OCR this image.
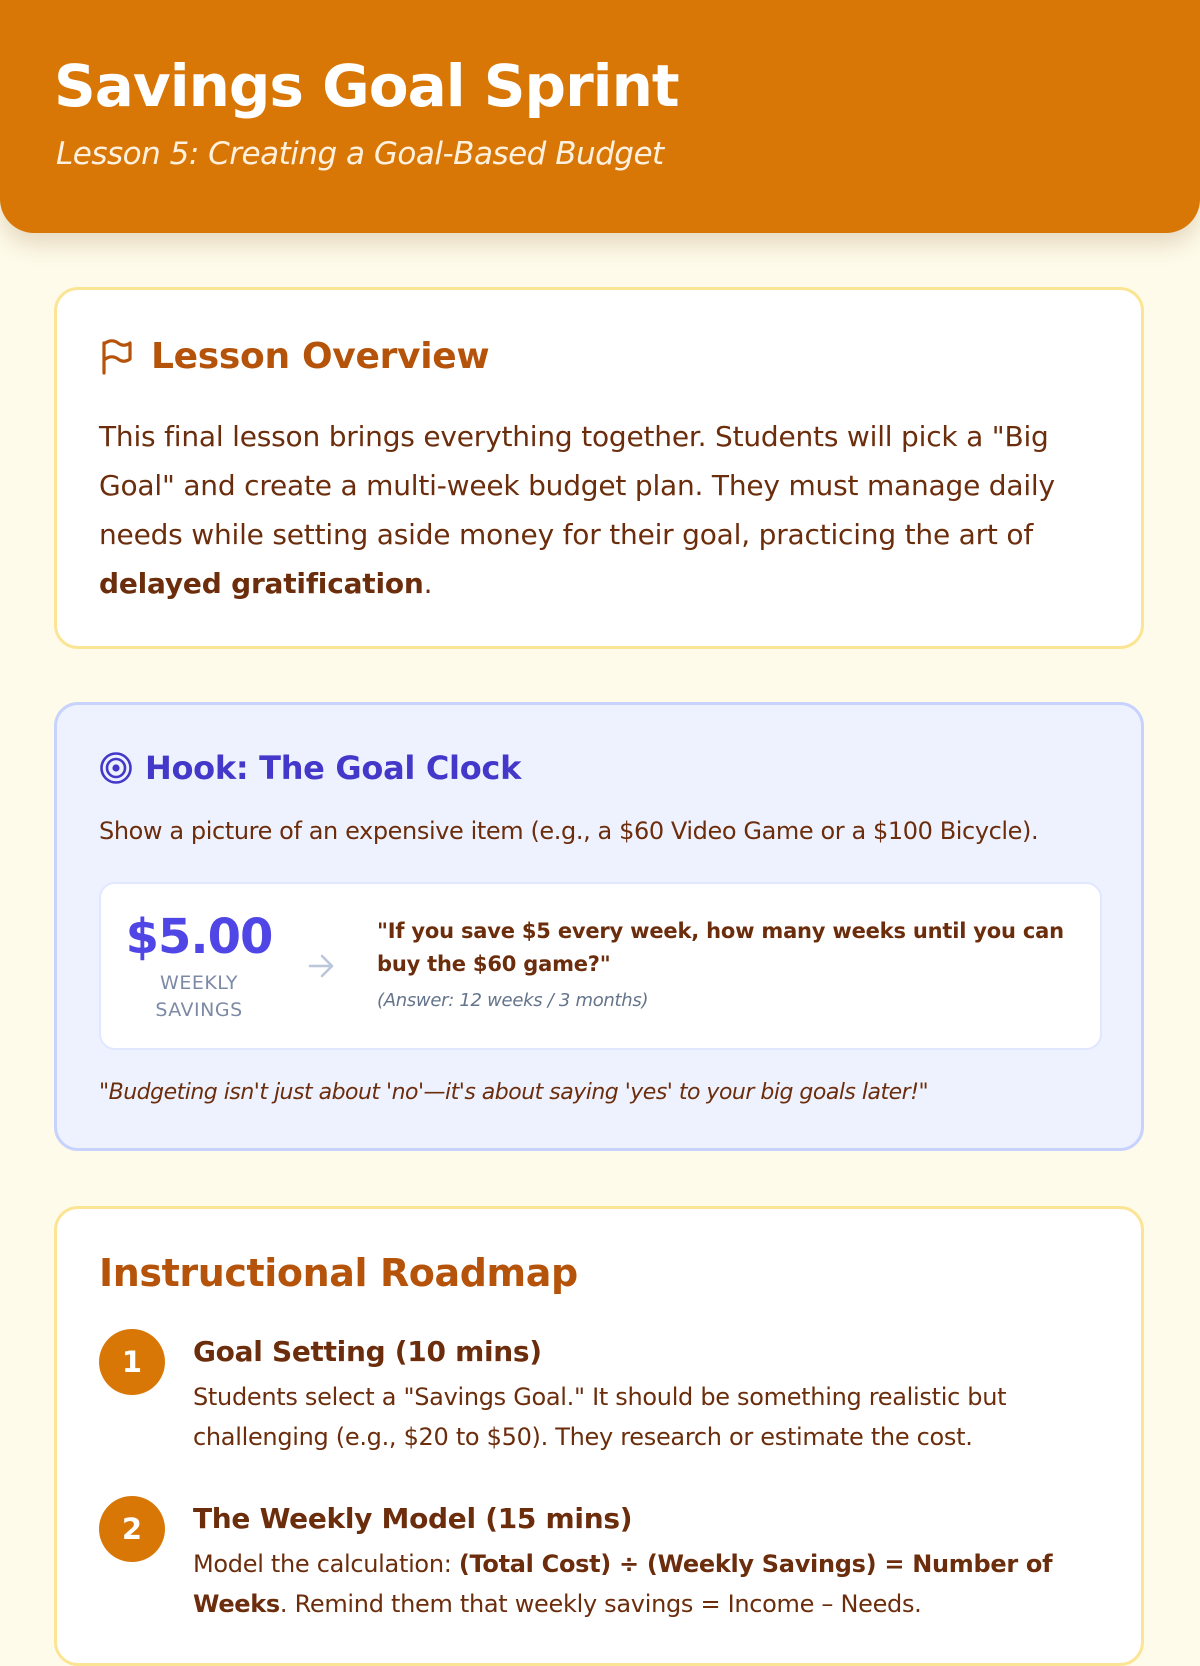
Savings Goal Sprint
Lesson 5: Creating a Goal-Based Budget
Lesson Overview
This final lesson brings everything together. Students will pick a "Big Goal" and create a multi-week budget plan. They must manage daily needs while setting aside money for their goal, practicing the art of delayed gratification.
Hook: The Goal Clock
Show a picture of an expensive item (e.g., a $60 Video Game or a $100 Bicycle).
$5.00
WEEKLY
SAVINGS
"If you save $5 every week, how many weeks until you can buy the $60 game?"
(Answer: 12 weeks / 3 months)
"Budgeting isn't just about 'no'—it's about saying 'yes' to your big goals later!"
Instructional Roadmap
1	Goal Setting (10 mins)
Students select a "Savings Goal." It should be something realistic but challenging (e.g., $20 to $50). They research or estimate the cost.
2	The Weekly Model (15 mins)
Model the calculation: (Total Cost) ÷ (Weekly Savings) = Number of Weeks. Remind them that weekly savings = Income – Needs.
